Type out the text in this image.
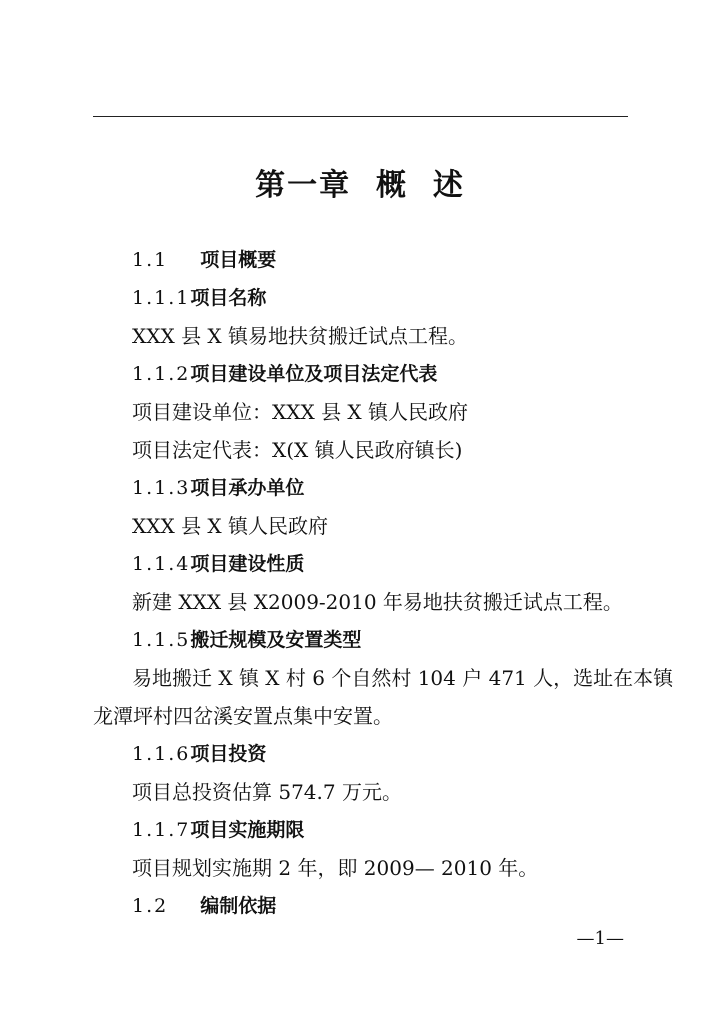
第一章  概  述
1.1 项目概要
1.1.1项目名称
XXX 县 X 镇易地扶贫搬迁试点工程。
1.1.2项目建设单位及项目法定代表
项目建设单位：XXX 县 X 镇人民政府
项目法定代表：X(X 镇人民政府镇长)
1.1.3项目承办单位
XXX 县 X 镇人民政府
1.1.4项目建设性质
新建 XXX 县 X2009-2010 年易地扶贫搬迁试点工程。
1.1.5搬迁规模及安置类型
易地搬迁 X 镇 X 村 6 个自然村 104 户 471 人，选址在本镇
龙潭坪村四岔溪安置点集中安置。
1.1.6项目投资
项目总投资估算 574.7 万元。
1.1.7项目实施期限
项目规划实施期 2 年，即 2009— 2010 年。
1.2 编制依据
—1—
